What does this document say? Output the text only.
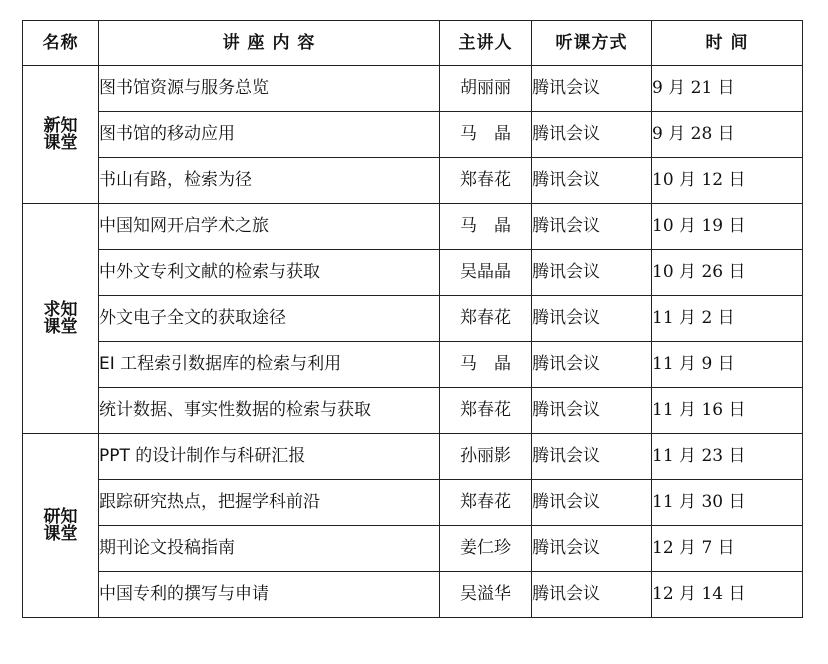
名称	讲 座 内 容	主讲人	听课方式	时 间

新知
课堂	图书馆资源与服务总览	胡丽丽	腾讯会议	9 月 21 日
	图书馆的移动应用	马　晶	腾讯会议	9 月 28 日
	书山有路，检索为径	郑春花	腾讯会议	10 月 12 日

求知
课堂	中国知网开启学术之旅	马　晶	腾讯会议	10 月 19 日
	中外文专利文献的检索与获取	吴晶晶	腾讯会议	10 月 26 日
	外文电子全文的获取途径	郑春花	腾讯会议	11 月 2 日
	EI 工程索引数据库的检索与利用	马　晶	腾讯会议	11 月 9 日
	统计数据、事实性数据的检索与获取	郑春花	腾讯会议	11 月 16 日

研知
课堂	PPT 的设计制作与科研汇报	孙丽影	腾讯会议	11 月 23 日
	跟踪研究热点，把握学科前沿	郑春花	腾讯会议	11 月 30 日
	期刊论文投稿指南	姜仁珍	腾讯会议	12 月 7 日
	中国专利的撰写与申请	吴溢华	腾讯会议	12 月 14 日
